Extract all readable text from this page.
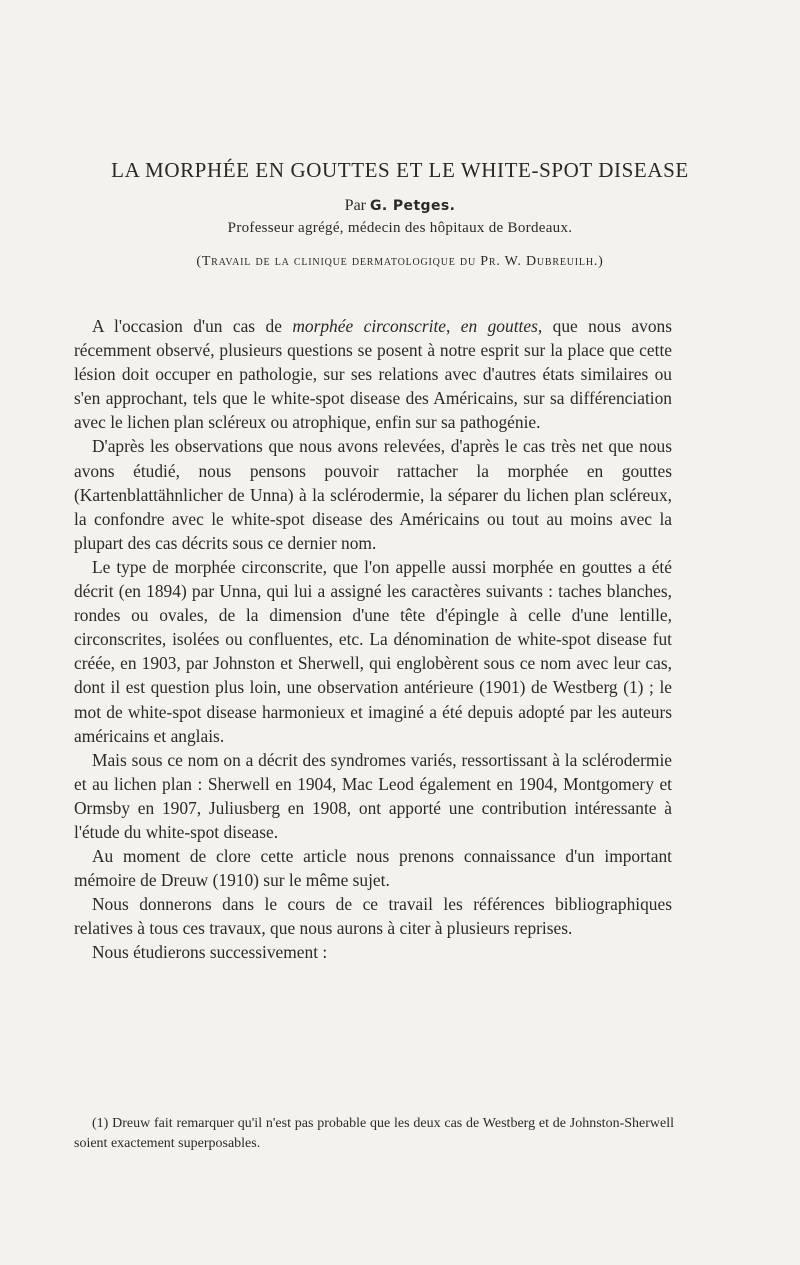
LA MORPHÉE EN GOUTTES ET LE WHITE-SPOT DISEASE
Par G. Petges.
Professeur agrégé, médecin des hôpitaux de Bordeaux.
(Travail de la clinique dermatologique du Pr. W. Dubreuilh.)

A l'occasion d'un cas de morphée circonscrite, en gouttes, que nous avons récemment observé, plusieurs questions se posent à notre esprit sur la place que cette lésion doit occuper en pathologie, sur ses relations avec d'autres états similaires ou s'en approchant, tels que le white-spot disease des Américains, sur sa différenciation avec le lichen plan scléreux ou atrophique, enfin sur sa pathogénie.

D'après les observations que nous avons relevées, d'après le cas très net que nous avons étudié, nous pensons pouvoir rattacher la morphée en gouttes (Kartenblattähnlicher de Unna) à la sclérodermie, la séparer du lichen plan scléreux, la confondre avec le white-spot disease des Américains ou tout au moins avec la plupart des cas décrits sous ce dernier nom.

Le type de morphée circonscrite, que l'on appelle aussi morphée en gouttes a été décrit (en 1894) par Unna, qui lui a assigné les caractères suivants : taches blanches, rondes ou ovales, de la dimension d'une tête d'épingle à celle d'une lentille, circonscrites, isolées ou confluentes, etc. La dénomination de white-spot disease fut créée, en 1903, par Johnston et Sherwell, qui englobèrent sous ce nom avec leur cas, dont il est question plus loin, une observation antérieure (1901) de Westberg (1) ; le mot de white-spot disease harmonieux et imaginé a été depuis adopté par les auteurs américains et anglais.

Mais sous ce nom on a décrit des syndromes variés, ressortissant à la sclérodermie et au lichen plan : Sherwell en 1904, Mac Leod également en 1904, Montgomery et Ormsby en 1907, Juliusberg en 1908, ont apporté une contribution intéressante à l'étude du white-spot disease.

Au moment de clore cette article nous prenons connaissance d'un important mémoire de Dreuw (1910) sur le même sujet.

Nous donnerons dans le cours de ce travail les références bibliographiques relatives à tous ces travaux, que nous aurons à citer à plusieurs reprises.

Nous étudierons successivement :

(1) Dreuw fait remarquer qu'il n'est pas probable que les deux cas de Westberg et de Johnston-Sherwell soient exactement superposables.
